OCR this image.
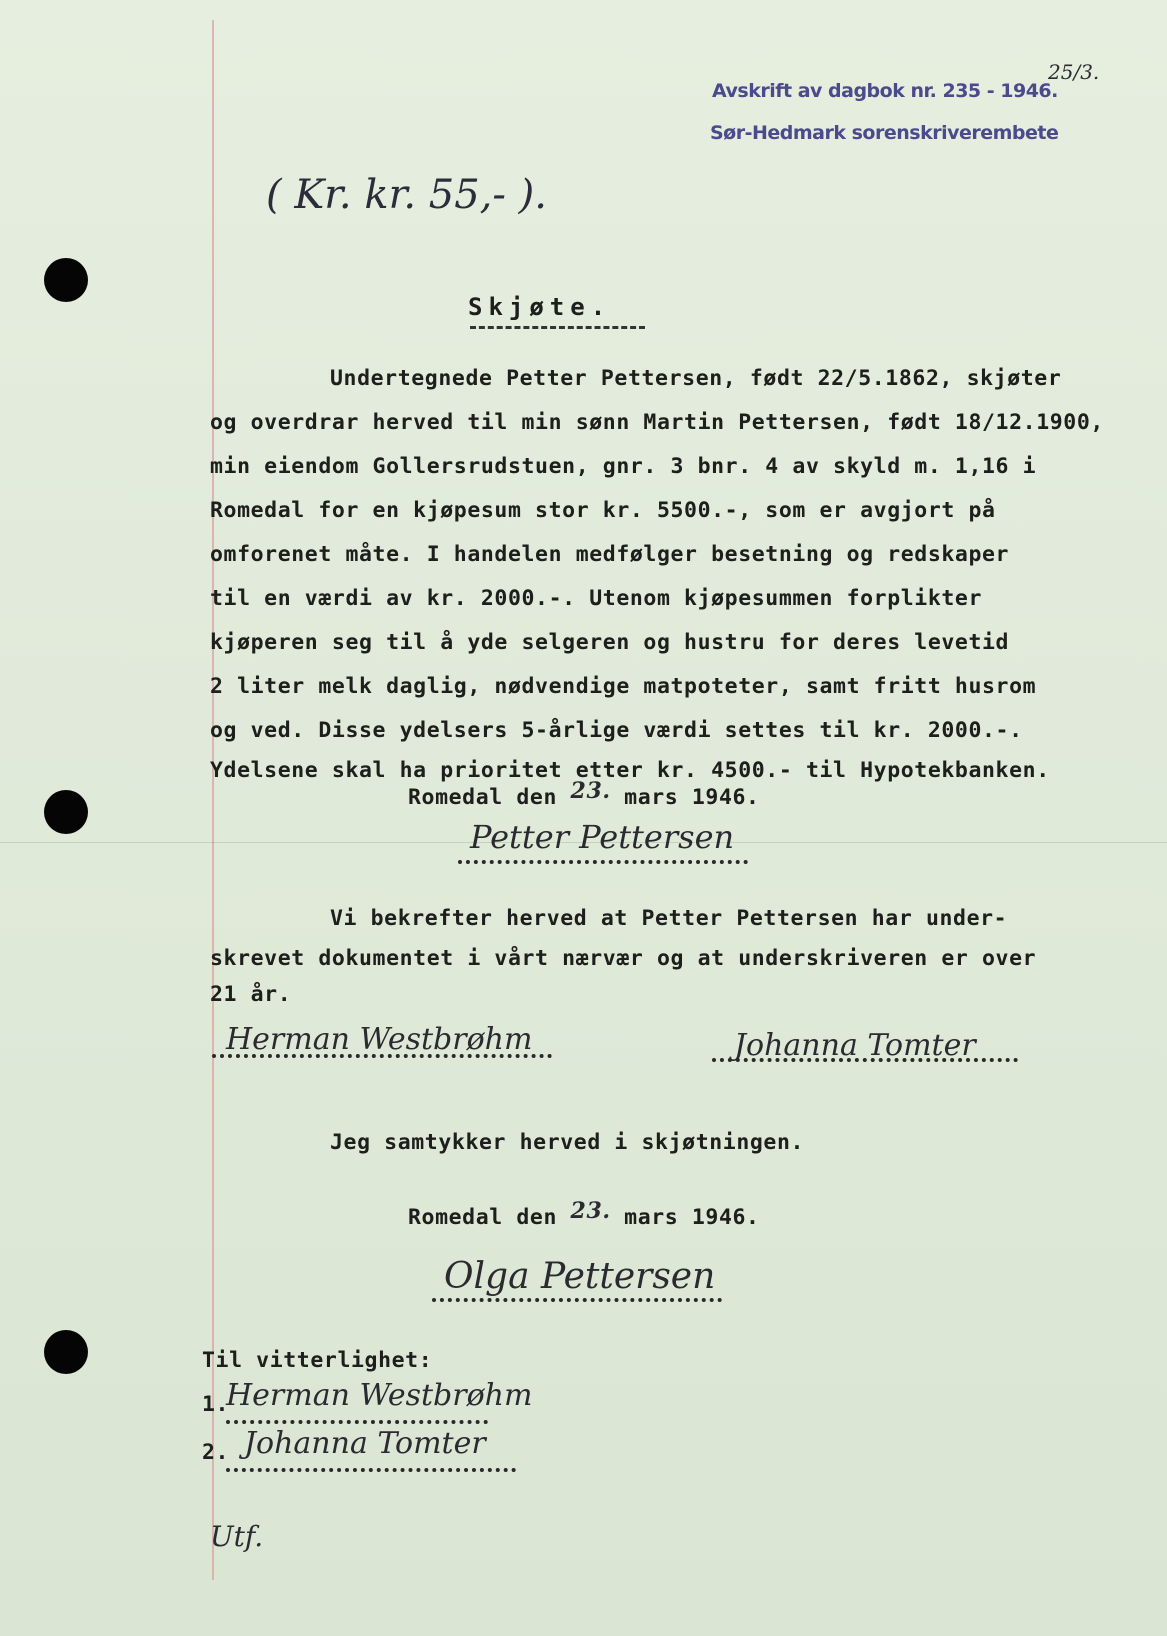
Avskrift av dagbok nr. 235 - 1946.
Sør-Hedmark sorenskriverembete
25/3.
( Kr. kr. 55,- ).
Skjøte.
Undertegnede Petter Pettersen, født 22/5.1862, skjøter
og overdrar herved til min sønn Martin Pettersen, født 18/12.1900,
min eiendom Gollersrudstuen, gnr. 3 bnr. 4 av skyld m. 1,16 i
Romedal for en kjøpesum stor kr. 5500.-, som er avgjort på
omforenet måte. I handelen medfølger besetning og redskaper
til en værdi av kr. 2000.-. Utenom kjøpesummen forplikter
kjøperen seg til å yde selgeren og hustru for deres levetid
2 liter melk daglig, nødvendige matpoteter, samt fritt husrom
og ved. Disse ydelsers 5-årlige værdi settes til kr. 2000.-.
Ydelsene skal ha prioritet etter kr. 4500.- til Hypotekbanken.
Romedal den 23. mars 1946.
Petter Pettersen
Vi bekrefter herved at Petter Pettersen har under-
skrevet dokumentet i vårt nærvær og at underskriveren er over
21 år.
Herman Westbrøhm	Johanna Tomter
Jeg samtykker herved i skjøtningen.
Romedal den 23. mars 1946.
Olga Pettersen
Til vitterlighet:
1.
Herman Westbrøhm
2. Johanna Tomter
Utf.
